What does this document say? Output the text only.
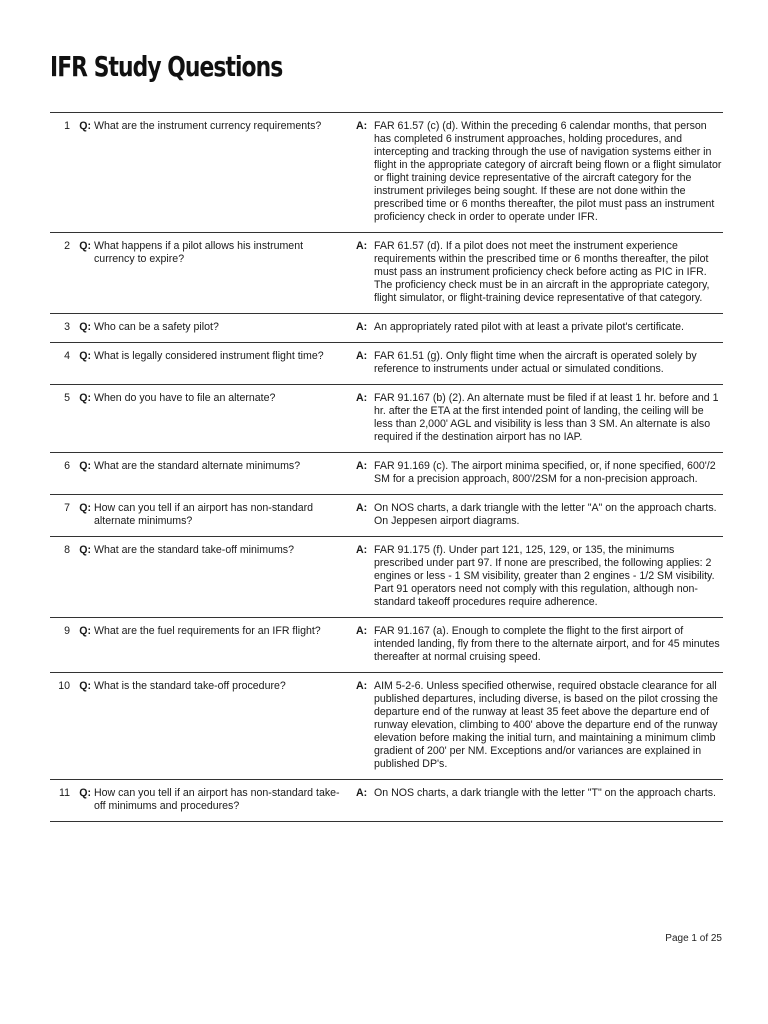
IFR Study Questions
1 Q: What are the instrument currency requirements?	A: FAR 61.57 (c) (d). Within the preceding 6 calendar months, that person has completed 6 instrument approaches, holding procedures, and intercepting and tracking through the use of navigation systems either in flight in the appropriate category of aircraft being flown or a flight simulator or flight training device representative of the aircraft category for the instrument privileges being sought. If these are not done within the prescribed time or 6 months thereafter, the pilot must pass an instrument proficiency check in order to operate under IFR.
2 Q: What happens if a pilot allows his instrument currency to expire?
A: FAR 61.57 (d). If a pilot does not meet the instrument experience requirements within the prescribed time or 6 months thereafter, the pilot must pass an instrument proficiency check before acting as PIC in IFR. The proficiency check must be in an aircraft in the appropriate category, flight simulator, or flight-training device representative of that category.
3 Q: Who can be a safety pilot?	A: An appropriately rated pilot with at least a private pilot's certificate.
4 Q: What is legally considered instrument flight time?	A: FAR 61.51 (g). Only flight time when the aircraft is operated solely by reference to instruments under actual or simulated conditions.
5 Q: When do you have to file an alternate?	A: FAR 91.167 (b) (2). An alternate must be filed if at least 1 hr. before and 1 hr. after the ETA at the first intended point of landing, the ceiling will be less than 2,000' AGL and visibility is less than 3 SM. An alternate is also required if the destination airport has no IAP.
6 Q: What are the standard alternate minimums?	A: FAR 91.169 (c). The airport minima specified, or, if none specified, 600'/2 SM for a precision approach, 800'/2SM for a non-precision approach.
7 Q: How can you tell if an airport has non-standard alternate minimums?
A: On NOS charts, a dark triangle with the letter "A" on the approach charts. On Jeppesen airport diagrams.
8 Q: What are the standard take-off minimums?	A: FAR 91.175 (f). Under part 121, 125, 129, or 135, the minimums prescribed under part 97. If none are prescribed, the following applies: 2 engines or less - 1 SM visibility, greater than 2 engines - 1/2 SM visibility. Part 91 operators need not comply with this regulation, although non-standard takeoff procedures require adherence.
9 Q: What are the fuel requirements for an IFR flight?	A: FAR 91.167 (a). Enough to complete the flight to the first airport of intended landing, fly from there to the alternate airport, and for 45 minutes thereafter at normal cruising speed.
10 Q: What is the standard take-off procedure?	A: AIM 5-2-6. Unless specified otherwise, required obstacle clearance for all published departures, including diverse, is based on the pilot crossing the departure end of the runway at least 35 feet above the departure end of runway elevation, climbing to 400' above the departure end of the runway elevation before making the initial turn, and maintaining a minimum climb gradient of 200' per NM. Exceptions and/or variances are explained in published DP's.
11 Q: How can you tell if an airport has non-standard take-off minimums and procedures?
A: On NOS charts, a dark triangle with the letter "T" on the approach charts.
Page 1 of 25
